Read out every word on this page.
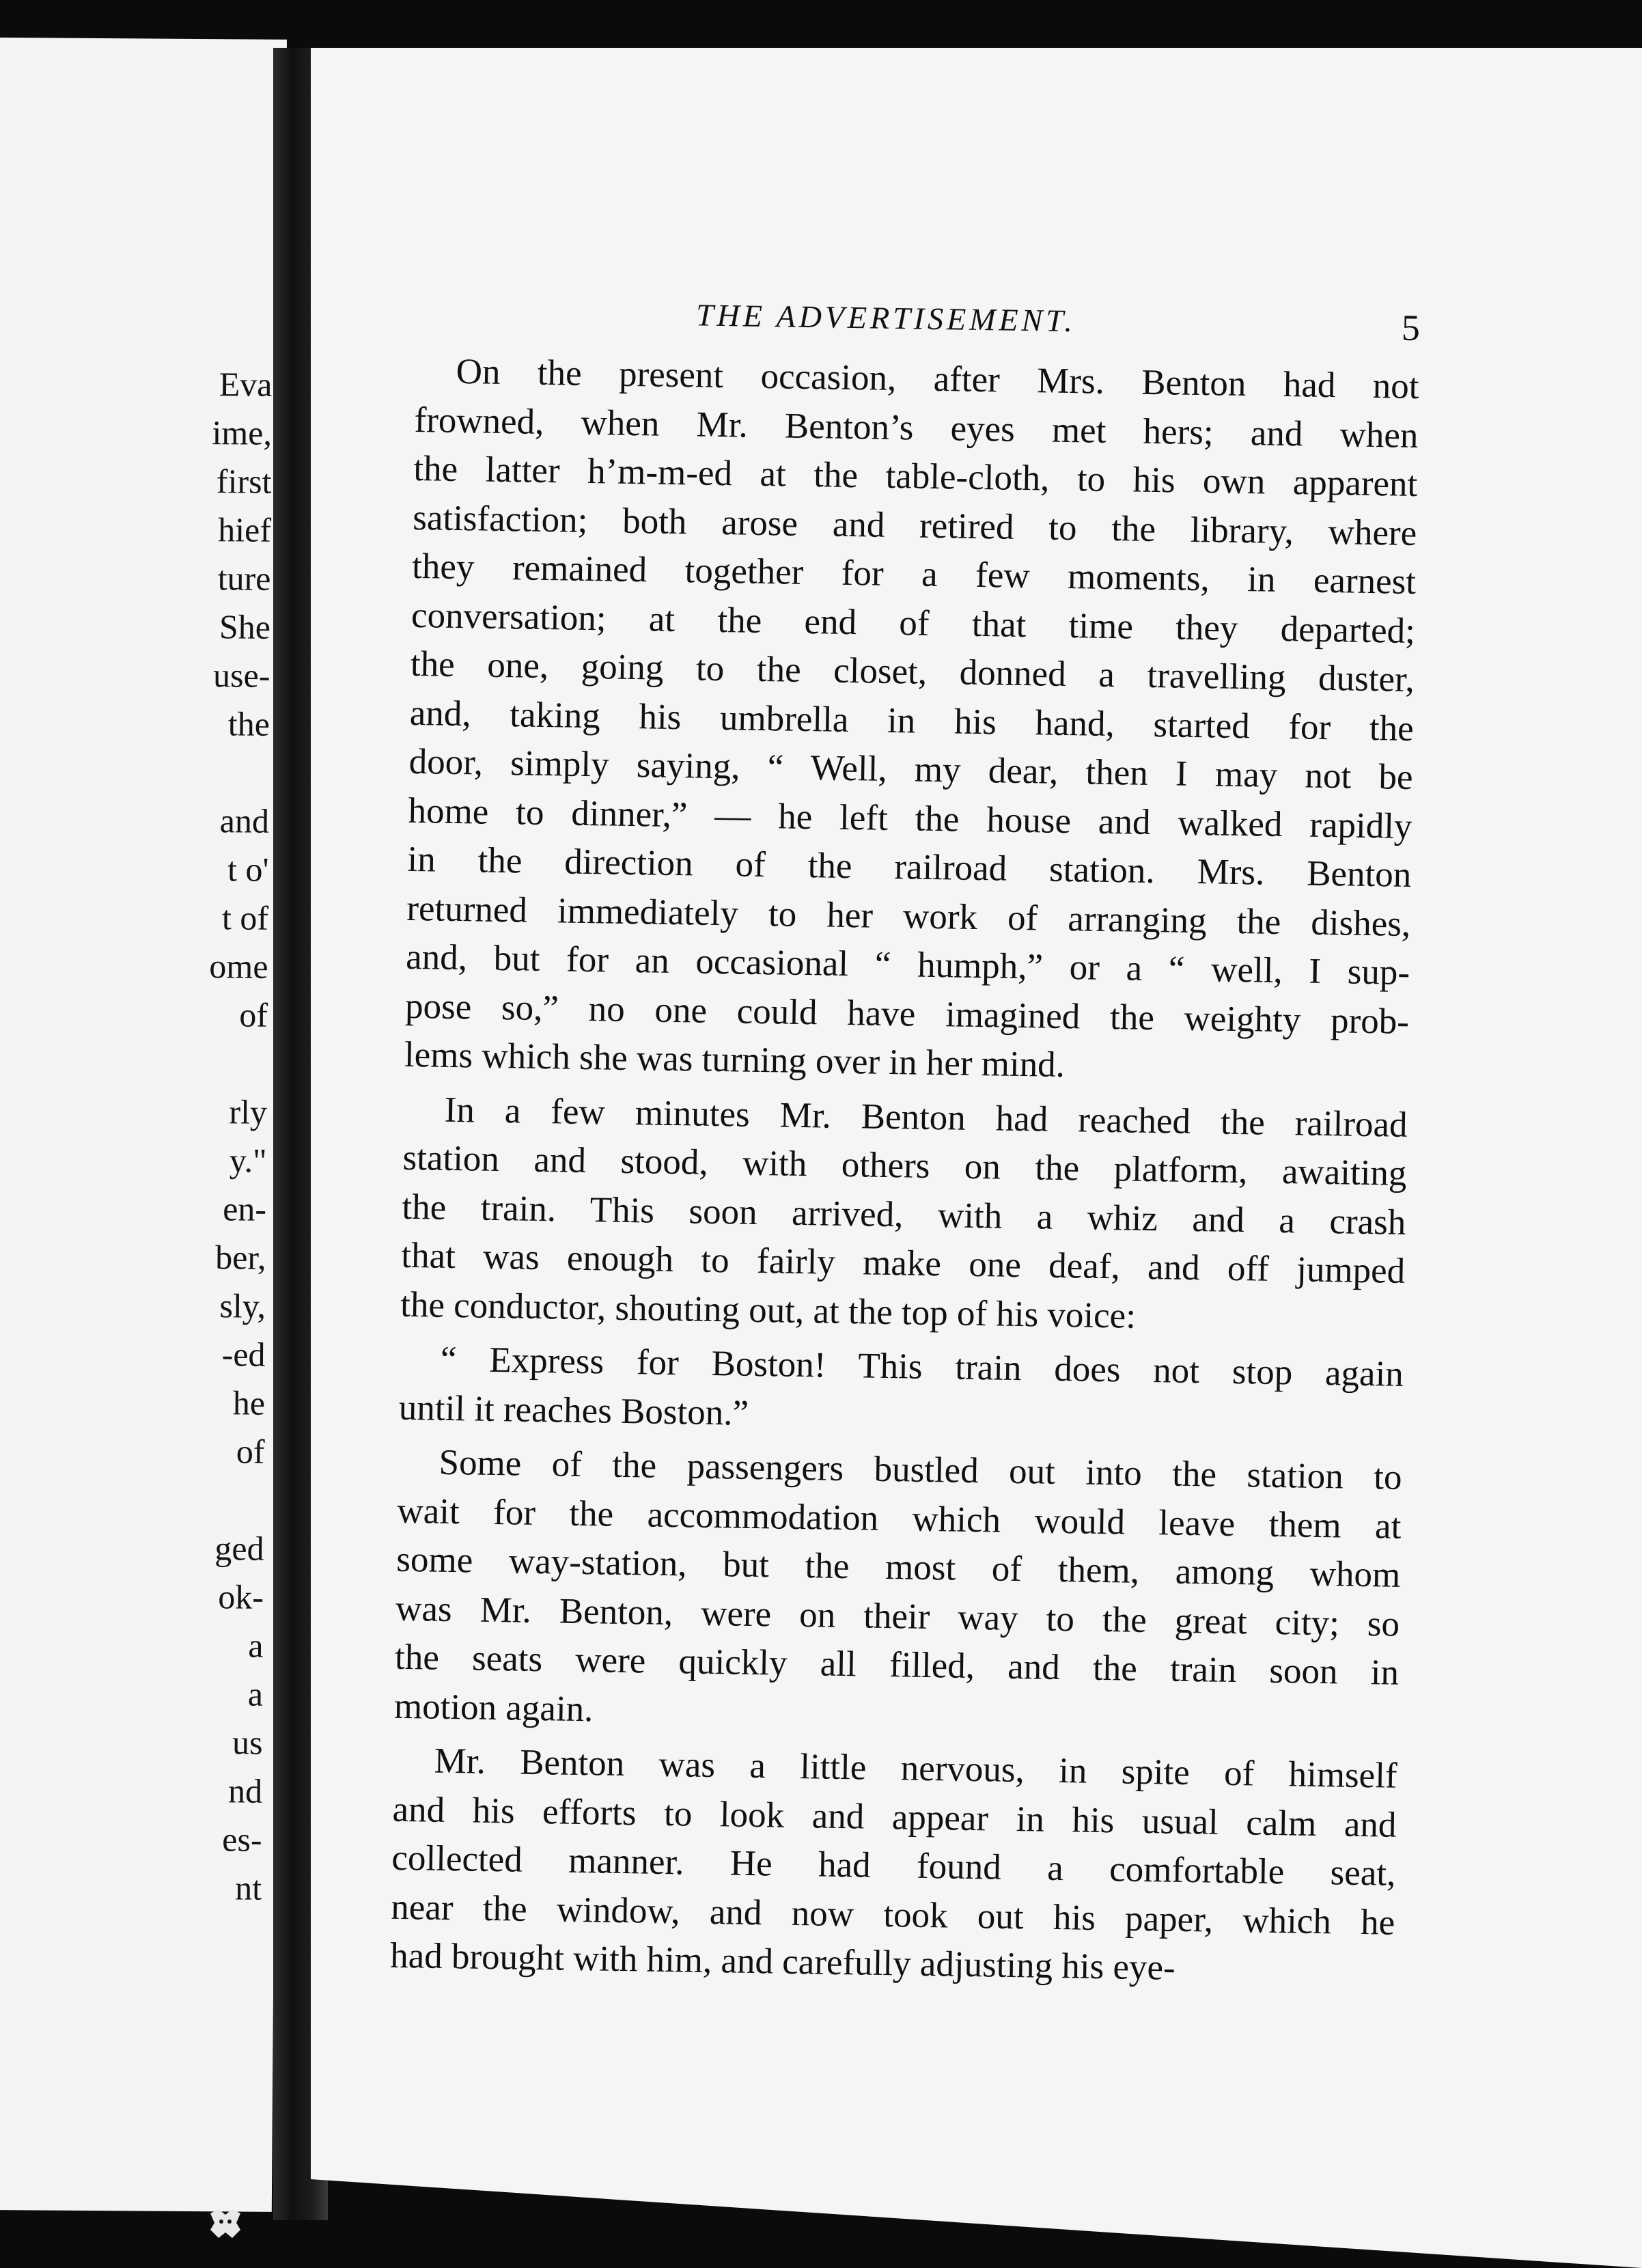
Eva
ime,
first
hief
ture
She
use-
the
and
t o'
t of
ome
of
rly
y."
en-
ber,
sly,
-ed
he
of
ged
ok-
a
a
us
nd
es-
nt
THE ADVERTISEMENT.	5
On the present occasion, after Mrs. Benton had not
frowned, when Mr. Benton’s eyes met hers; and when
the latter h’m-m-ed at the table-cloth, to his own apparent
satisfaction; both arose and retired to the library, where
they remained together for a few moments, in earnest
conversation; at the end of that time they departed;
the one, going to the closet, donned a travelling duster,
and, taking his umbrella in his hand, started for the
door, simply saying, “ Well, my dear, then I may not be
home to dinner,” — he left the house and walked rapidly
in the direction of the railroad station. Mrs. Benton
returned immediately to her work of arranging the dishes,
and, but for an occasional “ humph,” or a “ well, I sup-
pose so,” no one could have imagined the weighty prob-
lems which she was turning over in her mind.
In a few minutes Mr. Benton had reached the railroad
station and stood, with others on the platform, awaiting
the train. This soon arrived, with a whiz and a crash
that was enough to fairly make one deaf, and off jumped
the conductor, shouting out, at the top of his voice:
“ Express for Boston! This train does not stop again
until it reaches Boston.”
Some of the passengers bustled out into the station to
wait for the accommodation which would leave them at
some way-station, but the most of them, among whom
was Mr. Benton, were on their way to the great city; so
the seats were quickly all filled, and the train soon in
motion again.
Mr. Benton was a little nervous, in spite of himself
and his efforts to look and appear in his usual calm and
collected manner. He had found a comfortable seat,
near the window, and now took out his paper, which he
had brought with him, and carefully adjusting his eye-
